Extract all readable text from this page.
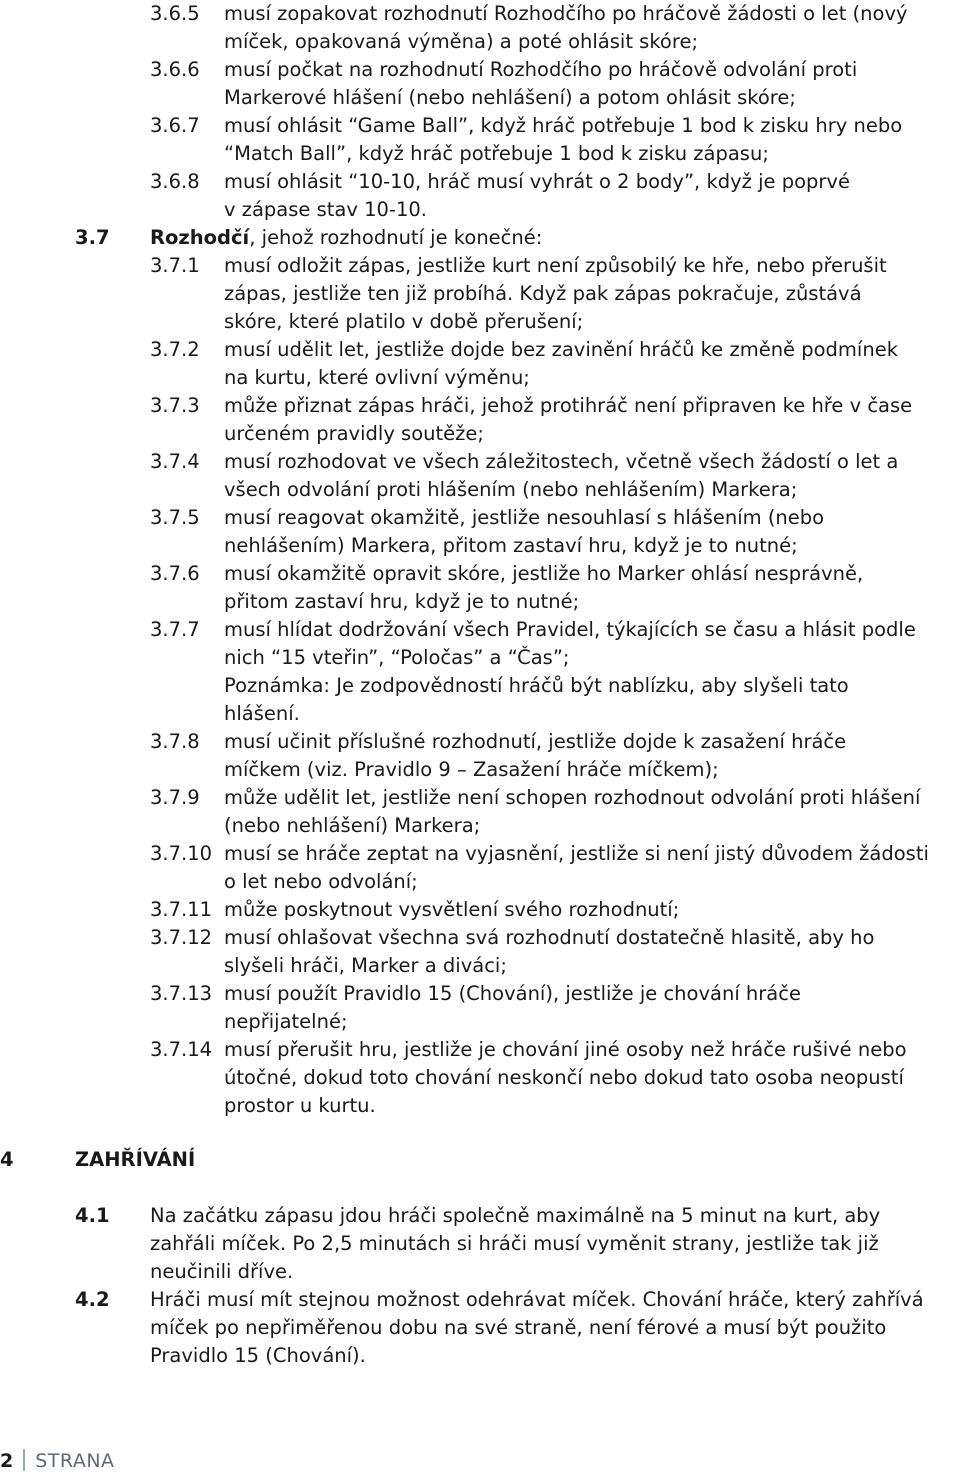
3.6.5 musí zopakovat rozhodnutí Rozhodčího po hráčově žádosti o let (nový
míček, opakovaná výměna) a poté ohlásit skóre;
3.6.6 musí počkat na rozhodnutí Rozhodčího po hráčově odvolání proti
Markerové hlášení (nebo nehlášení) a potom ohlásit skóre;
3.6.7 musí ohlásit “Game Ball”, když hráč potřebuje 1 bod k zisku hry nebo
“Match Ball”, když hráč potřebuje 1 bod k zisku zápasu;
3.6.8 musí ohlásit “10-10, hráč musí vyhrát o 2 body”, když je poprvé
v zápase stav 10-10.
3.7 Rozhodčí, jehož rozhodnutí je konečné:
3.7.1 musí odložit zápas, jestliže kurt není způsobilý ke hře, nebo přerušit
zápas, jestliže ten již probíhá. Když pak zápas pokračuje, zůstává
skóre, které platilo v době přerušení;
3.7.2 musí udělit let, jestliže dojde bez zavinění hráčů ke změně podmínek
na kurtu, které ovlivní výměnu;
3.7.3 může přiznat zápas hráči, jehož protihráč není připraven ke hře v čase
určeném pravidly soutěže;
3.7.4 musí rozhodovat ve všech záležitostech, včetně všech žádostí o let a
všech odvolání proti hlášením (nebo nehlášením) Markera;
3.7.5 musí reagovat okamžitě, jestliže nesouhlasí s hlášením (nebo
nehlášením) Markera, přitom zastaví hru, když je to nutné;
3.7.6 musí okamžitě opravit skóre, jestliže ho Marker ohlásí nesprávně,
přitom zastaví hru, když je to nutné;
3.7.7 musí hlídat dodržování všech Pravidel, týkajících se času a hlásit podle
nich “15 vteřin”, “Poločas” a “Čas”;
Poznámka: Je zodpovědností hráčů být nablízku, aby slyšeli tato
hlášení.
3.7.8 musí učinit příslušné rozhodnutí, jestliže dojde k zasažení hráče
míčkem (viz. Pravidlo 9 – Zasažení hráče míčkem);
3.7.9 může udělit let, jestliže není schopen rozhodnout odvolání proti hlášení
(nebo nehlášení) Markera;
3.7.10 musí se hráče zeptat na vyjasnění, jestliže si není jistý důvodem žádosti
o let nebo odvolání;
3.7.11 může poskytnout vysvětlení svého rozhodnutí;
3.7.12 musí ohlašovat všechna svá rozhodnutí dostatečně hlasitě, aby ho
slyšeli hráči, Marker a diváci;
3.7.13 musí použít Pravidlo 15 (Chování), jestliže je chování hráče
nepřijatelné;
3.7.14 musí přerušit hru, jestliže je chování jiné osoby než hráče rušivé nebo
útočné, dokud toto chování neskončí nebo dokud tato osoba neopustí
prostor u kurtu.
4	ZAHŘÍVÁNÍ
4.1 Na začátku zápasu jdou hráči společně maximálně na 5 minut na kurt, aby
zahřáli míček. Po 2,5 minutách si hráči musí vyměnit strany, jestliže tak již
neučinili dříve.
4.2 Hráči musí mít stejnou možnost odehrávat míček. Chování hráče, který zahřívá
míček po nepřiměřenou dobu na své straně, není férové a musí být použito
Pravidlo 15 (Chování).
2 STRANA
